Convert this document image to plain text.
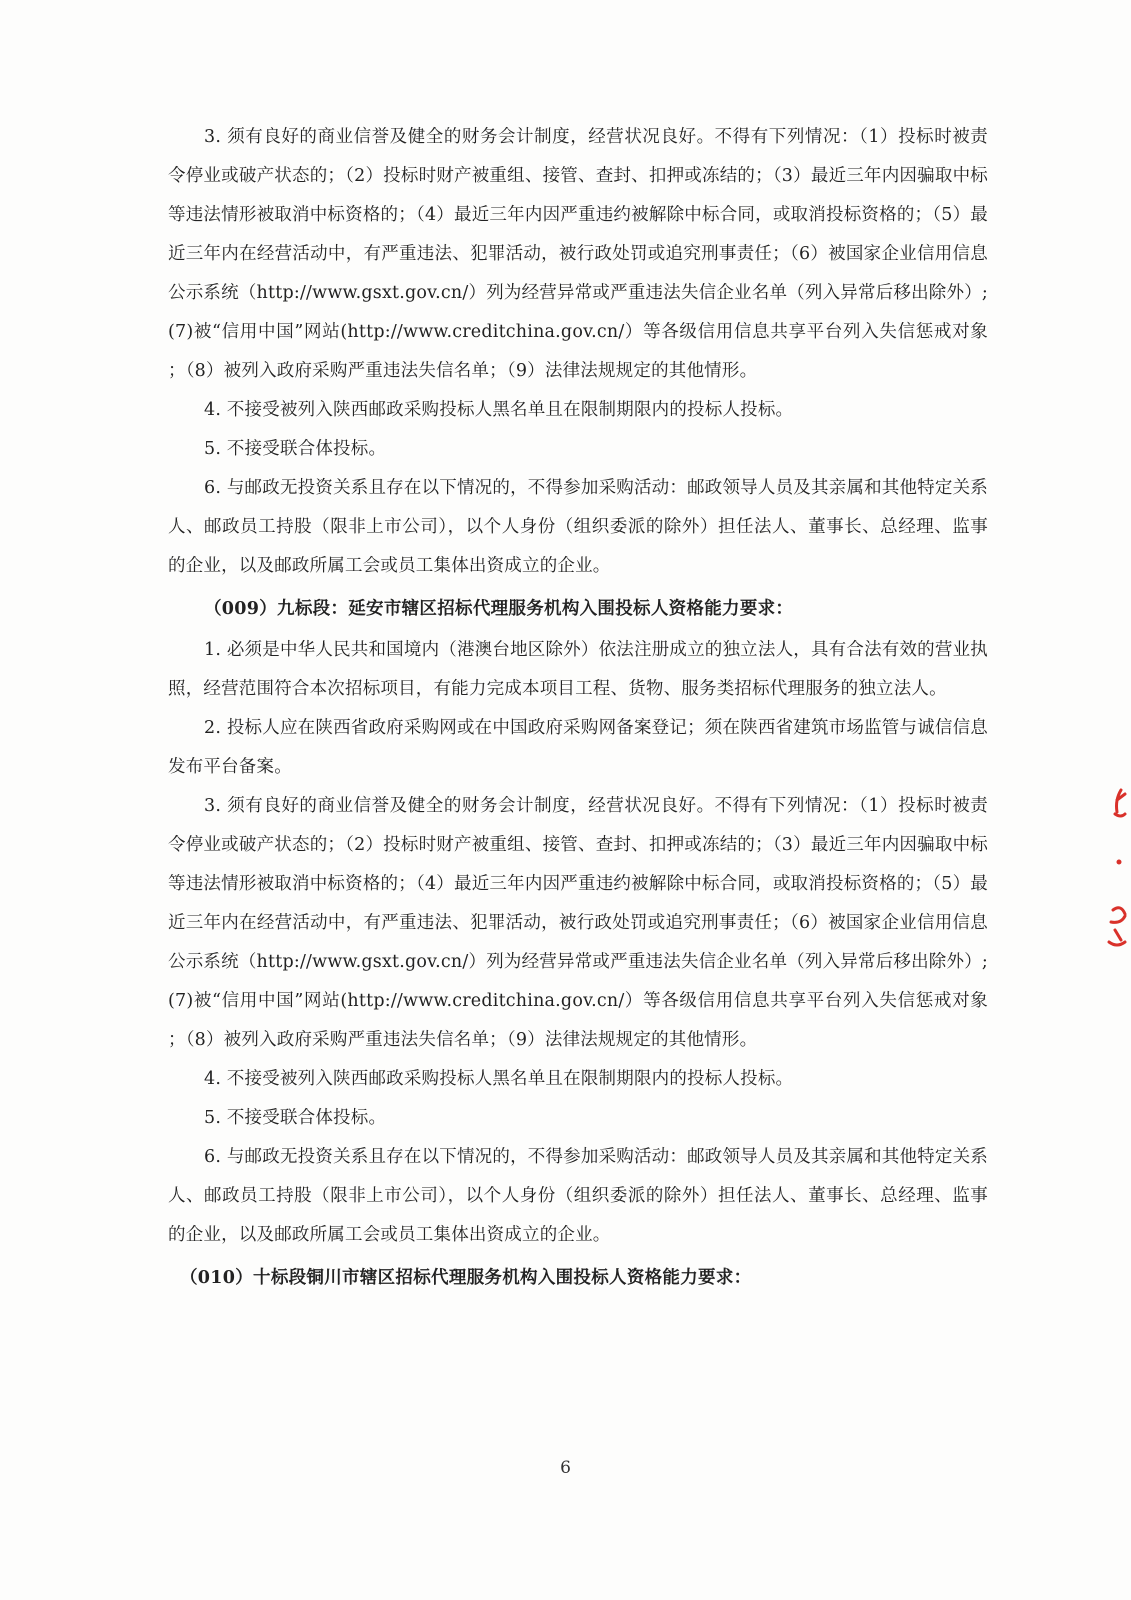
3. 须有良好的商业信誉及健全的财务会计制度，经营状况良好。不得有下列情况：（1）投标时被责令停业或破产状态的；（2）投标时财产被重组、接管、查封、扣押或冻结的；（3）最近三年内因骗取中标等违法情形被取消中标资格的；（4）最近三年内因严重违约被解除中标合同，或取消投标资格的；（5）最近三年内在经营活动中，有严重违法、犯罪活动，被行政处罚或追究刑事责任；（6）被国家企业信用信息公示系统（http://www.gsxt.gov.cn/）列为经营异常或严重违法失信企业名单（列入异常后移出除外）;(7)被“信用中国”网站(http://www.creditchina.gov.cn/）等各级信用信息共享平台列入失信惩戒对象 ；（8）被列入政府采购严重违法失信名单；（9）法律法规规定的其他情形。

4. 不接受被列入陕西邮政采购投标人黑名单且在限制期限内的投标人投标。

5. 不接受联合体投标。

6. 与邮政无投资关系且存在以下情况的，不得参加采购活动：邮政领导人员及其亲属和其他特定关系人、邮政员工持股（限非上市公司），以个人身份（组织委派的除外）担任法人、董事长、总经理、监事的企业，以及邮政所属工会或员工集体出资成立的企业。

（009）九标段：延安市辖区招标代理服务机构入围投标人资格能力要求：

1. 必须是中华人民共和国境内（港澳台地区除外）依法注册成立的独立法人，具有合法有效的营业执照，经营范围符合本次招标项目，有能力完成本项目工程、货物、服务类招标代理服务的独立法人。

2. 投标人应在陕西省政府采购网或在中国政府采购网备案登记；须在陕西省建筑市场监管与诚信信息发布平台备案。

3. 须有良好的商业信誉及健全的财务会计制度，经营状况良好。不得有下列情况：（1）投标时被责令停业或破产状态的；（2）投标时财产被重组、接管、查封、扣押或冻结的；（3）最近三年内因骗取中标等违法情形被取消中标资格的；（4）最近三年内因严重违约被解除中标合同，或取消投标资格的；（5）最近三年内在经营活动中，有严重违法、犯罪活动，被行政处罚或追究刑事责任；（6）被国家企业信用信息公示系统（http://www.gsxt.gov.cn/）列为经营异常或严重违法失信企业名单（列入异常后移出除外）;(7)被“信用中国”网站(http://www.creditchina.gov.cn/）等各级信用信息共享平台列入失信惩戒对象 ；（8）被列入政府采购严重违法失信名单；（9）法律法规规定的其他情形。

4. 不接受被列入陕西邮政采购投标人黑名单且在限制期限内的投标人投标。

5. 不接受联合体投标。

6. 与邮政无投资关系且存在以下情况的，不得参加采购活动：邮政领导人员及其亲属和其他特定关系人、邮政员工持股（限非上市公司），以个人身份（组织委派的除外）担任法人、董事长、总经理、监事的企业，以及邮政所属工会或员工集体出资成立的企业。

（010）十标段铜川市辖区招标代理服务机构入围投标人资格能力要求：

6
